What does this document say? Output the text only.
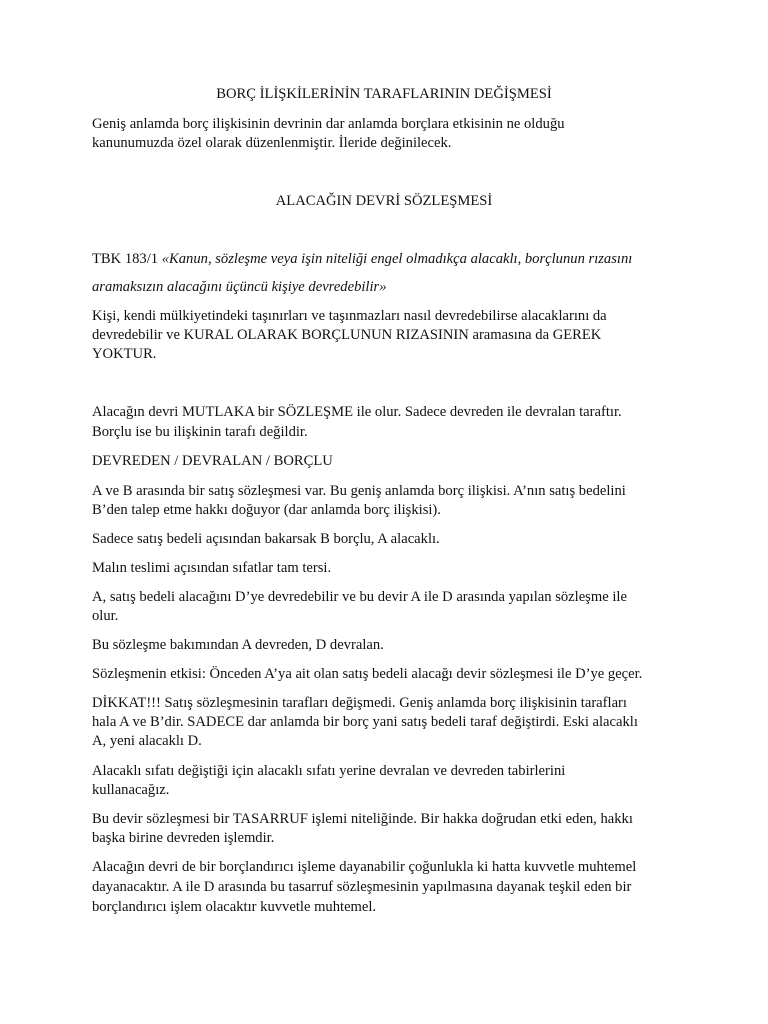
BORÇ İLİŞKİLERİNİN TARAFLARININ DEĞİŞMESİ
Geniş anlamda borç ilişkisinin devrinin dar anlamda borçlara etkisinin ne olduğu
kanunumuzda özel olarak düzenlenmiştir. İleride değinilecek.
ALACAĞIN DEVRİ SÖZLEŞMESİ
TBK 183/1 «Kanun, sözleşme veya işin niteliği engel olmadıkça alacaklı, borçlunun rızasını
aramaksızın alacağını üçüncü kişiye devredebilir»
Kişi, kendi mülkiyetindeki taşınırları ve taşınmazları nasıl devredebilirse alacaklarını da
devredebilir ve KURAL OLARAK BORÇLUNUN RIZASININ aramasına da GEREK
YOKTUR.
Alacağın devri MUTLAKA bir SÖZLEŞME ile olur. Sadece devreden ile devralan taraftır.
Borçlu ise bu ilişkinin tarafı değildir.
DEVREDEN / DEVRALAN / BORÇLU
A ve B arasında bir satış sözleşmesi var. Bu geniş anlamda borç ilişkisi. A’nın satış bedelini
B’den talep etme hakkı doğuyor (dar anlamda borç ilişkisi).
Sadece satış bedeli açısından bakarsak B borçlu, A alacaklı.
Malın teslimi açısından sıfatlar tam tersi.
A, satış bedeli alacağını D’ye devredebilir ve bu devir A ile D arasında yapılan sözleşme ile
olur.
Bu sözleşme bakımından A devreden, D devralan.
Sözleşmenin etkisi: Önceden A’ya ait olan satış bedeli alacağı devir sözleşmesi ile D’ye geçer.
DİKKAT!!! Satış sözleşmesinin tarafları değişmedi. Geniş anlamda borç ilişkisinin tarafları
hala A ve B’dir. SADECE dar anlamda bir borç yani satış bedeli taraf değiştirdi. Eski alacaklı
A, yeni alacaklı D.
Alacaklı sıfatı değiştiği için alacaklı sıfatı yerine devralan ve devreden tabirlerini
kullanacağız.
Bu devir sözleşmesi bir TASARRUF işlemi niteliğinde. Bir hakka doğrudan etki eden, hakkı
başka birine devreden işlemdir.
Alacağın devri de bir borçlandırıcı işleme dayanabilir çoğunlukla ki hatta kuvvetle muhtemel
dayanacaktır. A ile D arasında bu tasarruf sözleşmesinin yapılmasına dayanak teşkil eden bir
borçlandırıcı işlem olacaktır kuvvetle muhtemel.
